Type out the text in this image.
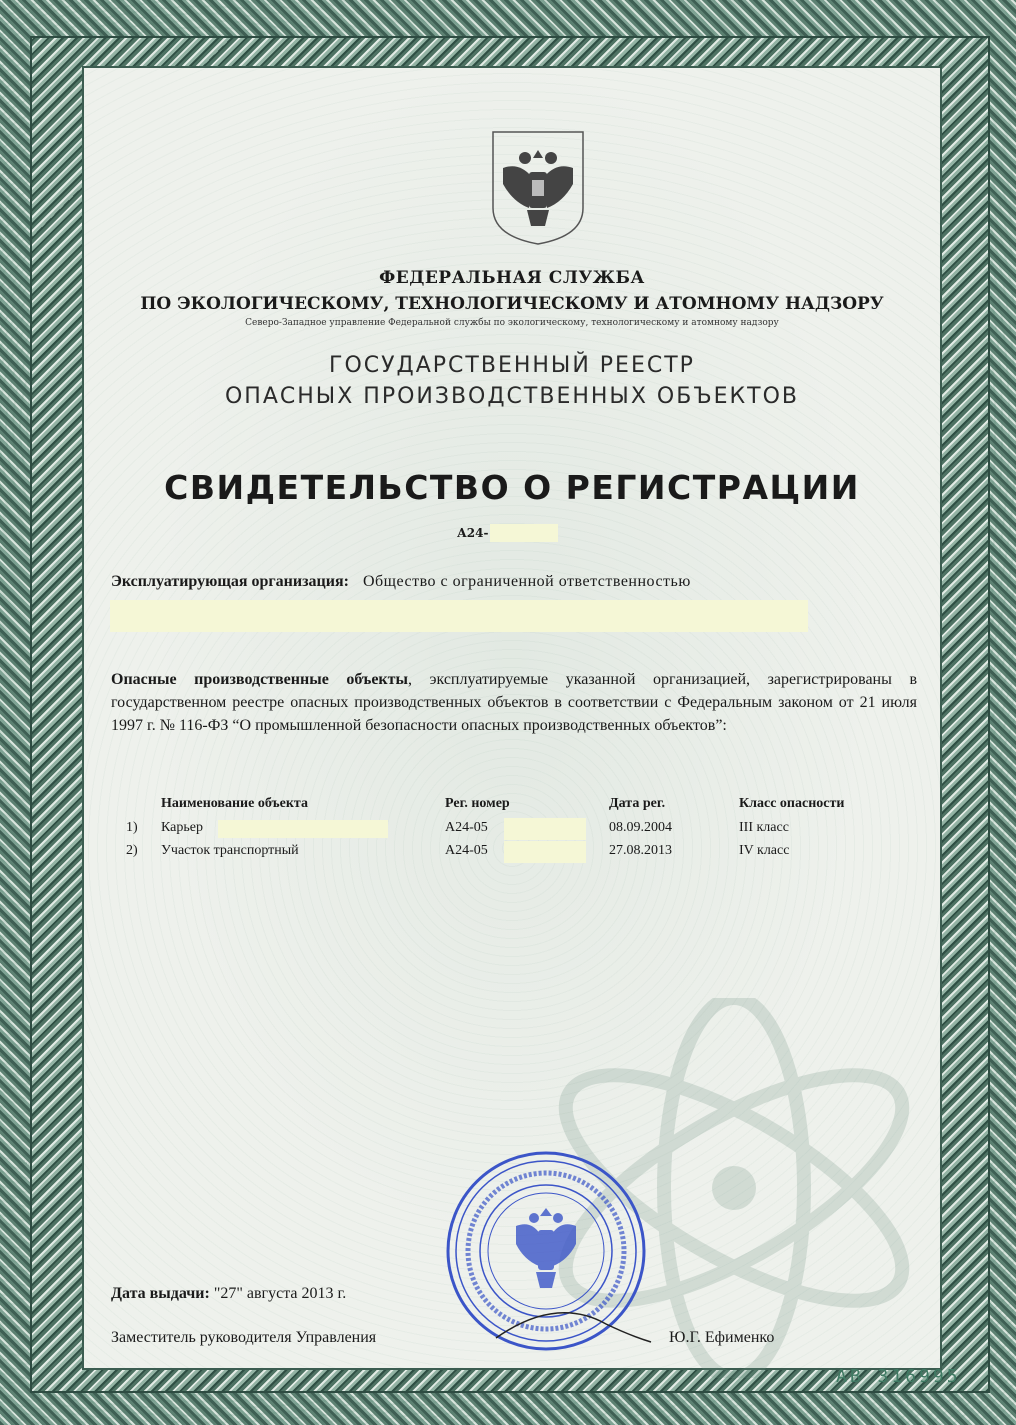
ФЕДЕРАЛЬНАЯ СЛУЖБА
ПО ЭКОЛОГИЧЕСКОМУ, ТЕХНОЛОГИЧЕСКОМУ И АТОМНОМУ НАДЗОРУ
Северо-Западное управление Федеральной службы по экологическому, технологическому и атомному надзору
ГОСУДАРСТВЕННЫЙ РЕЕСТР
ОПАСНЫХ ПРОИЗВОДСТВЕННЫХ ОБЪЕКТОВ
СВИДЕТЕЛЬСТВО О РЕГИСТРАЦИИ
А24-
Эксплуатирующая организация: Общество с ограниченной ответственностью
Опасные производственные объекты, эксплуатируемые указанной организацией, зарегистрированы в государственном реестре опасных производственных объектов в соответствии с Федеральным законом от 21 июля 1997 г. № 116-ФЗ “О промышленной безопасности опасных производственных объектов”:
Наименование объекта	Рег. номер	Дата рег.	Класс опасности
1) Карьер	А24-05	08.09.2004	III класс
2) Участок транспортный	А24-05	27.08.2013	IV класс
Дата выдачи: "27" августа 2013 г.
Заместитель руководителя Управления	Ю.Г. Ефименко
АВ 316995
